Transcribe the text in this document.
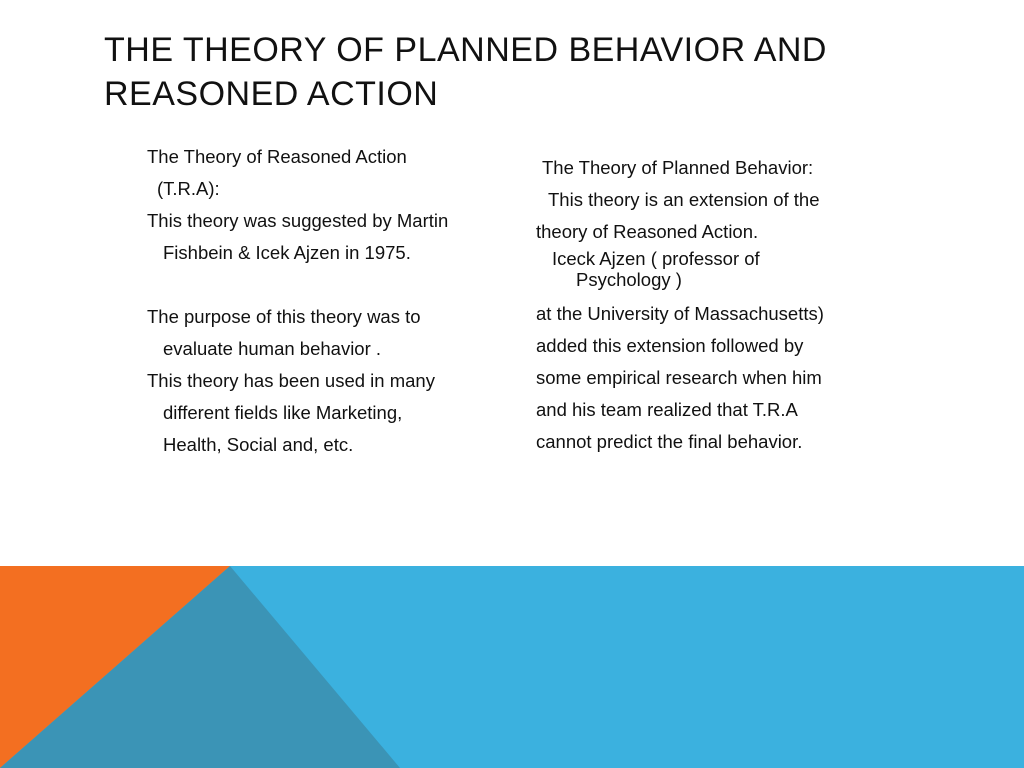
THE THEORY OF PLANNED BEHAVIOR AND
REASONED ACTION

The Theory of Reasoned Action

(T.R.A):

This theory was suggested by Martin

Fishbein & Icek Ajzen in 1975.

The purpose of this theory was to

evaluate human behavior .

This theory has been used in many

different fields like Marketing,

Health, Social and, etc.

The Theory of Planned Behavior:

This theory is an extension of the

theory of Reasoned Action.

Iceck Ajzen ( professor of

Psychology )

at the University of Massachusetts)

added this extension followed by

some empirical research when him

and his team realized that T.R.A

cannot predict the final behavior.
